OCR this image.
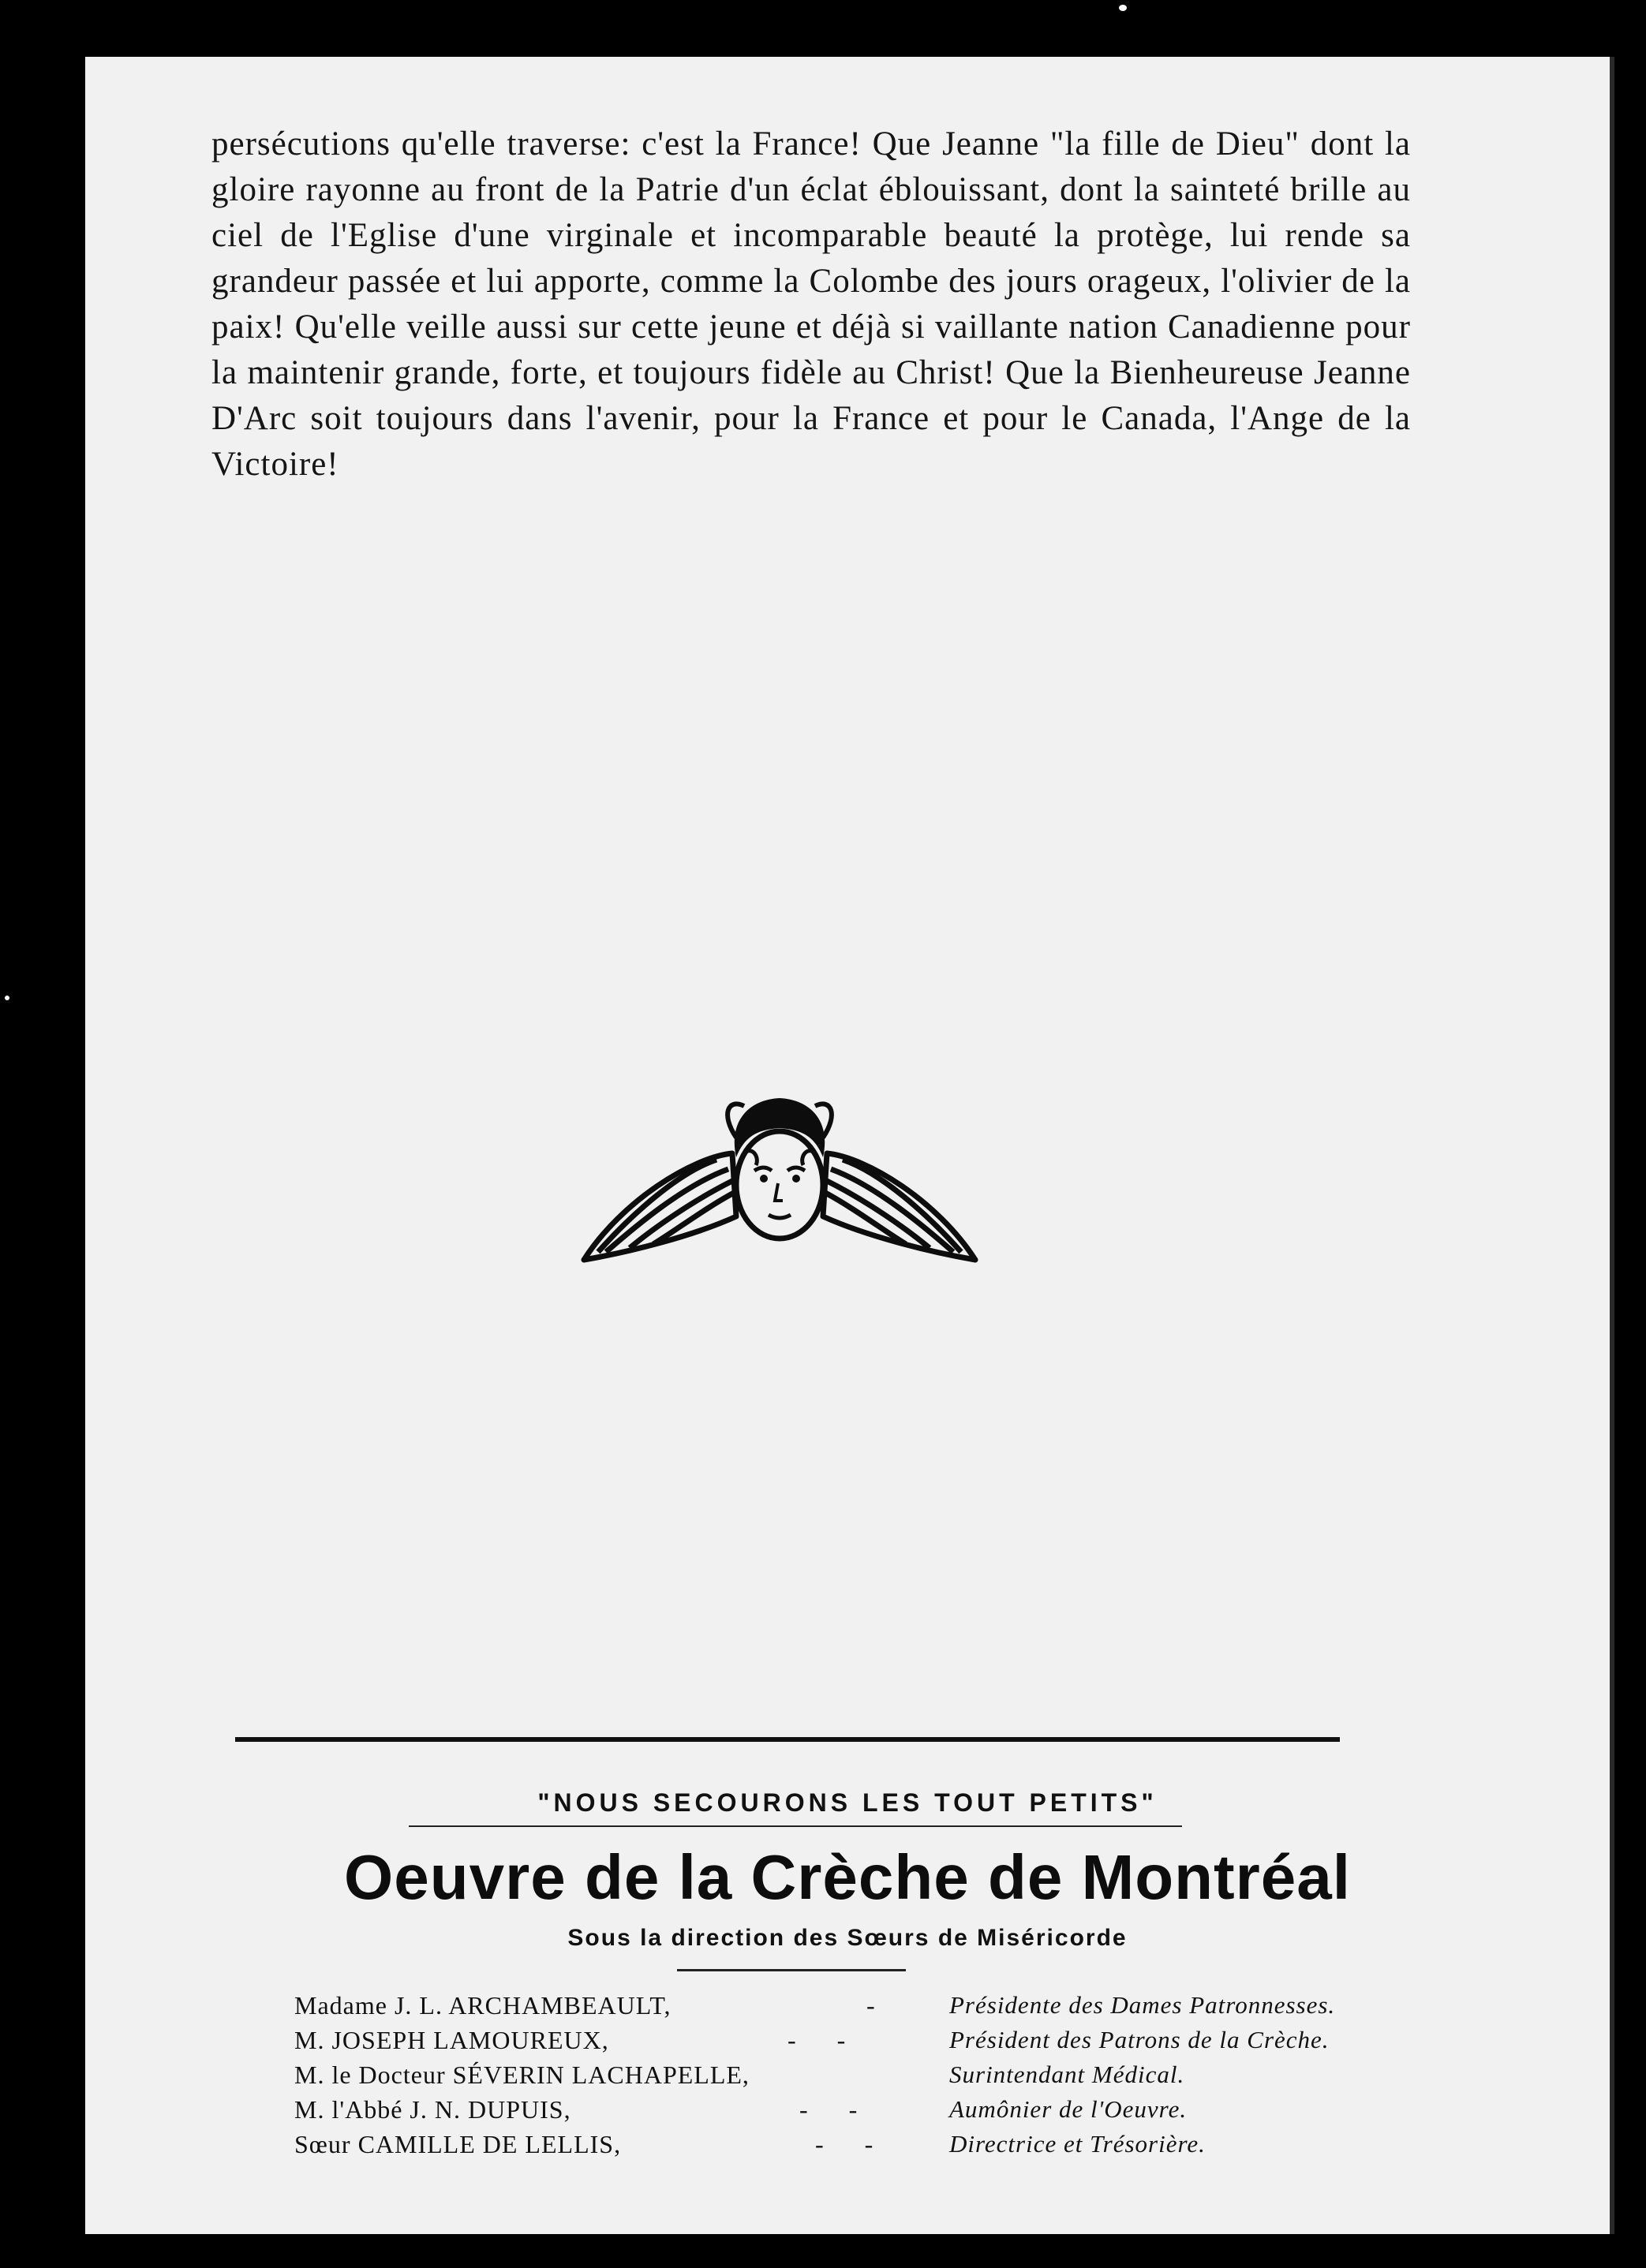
persécutions qu'elle traverse: c'est la France! Que Jeanne "la fille de Dieu" dont la gloire rayonne au front de la Patrie d'un éclat éblouissant, dont la sainteté brille au ciel de l'Eglise d'une virginale et incomparable beauté la protège, lui rende sa grandeur passée et lui apporte, comme la Colombe des jours orageux, l'olivier de la paix! Qu'elle veille aussi sur cette jeune et déjà si vaillante nation Canadienne pour la maintenir grande, forte, et toujours fidèle au Christ! Que la Bienheureuse Jeanne D'Arc soit toujours dans l'avenir, pour la France et pour le Canada, l'Ange de la Victoire!

"NOUS SECOURONS LES TOUT PETITS"
Oeuvre de la Crèche de Montréal
Sous la direction des Sœurs de Miséricorde
Madame J. L. ARCHAMBEAULT,	- Présidente des Dames Patronnesses.
M. JOSEPH LAMOUREUX,	- -	Président des Patrons de la Crèche.
M. le Docteur SÉVERIN LACHAPELLE,	Surintendant Médical.
M. l'Abbé J. N. DUPUIS,	- -	Aumônier de l'Oeuvre.
Sœur CAMILLE DE LELLIS,	- - Directrice et Trésorière.
